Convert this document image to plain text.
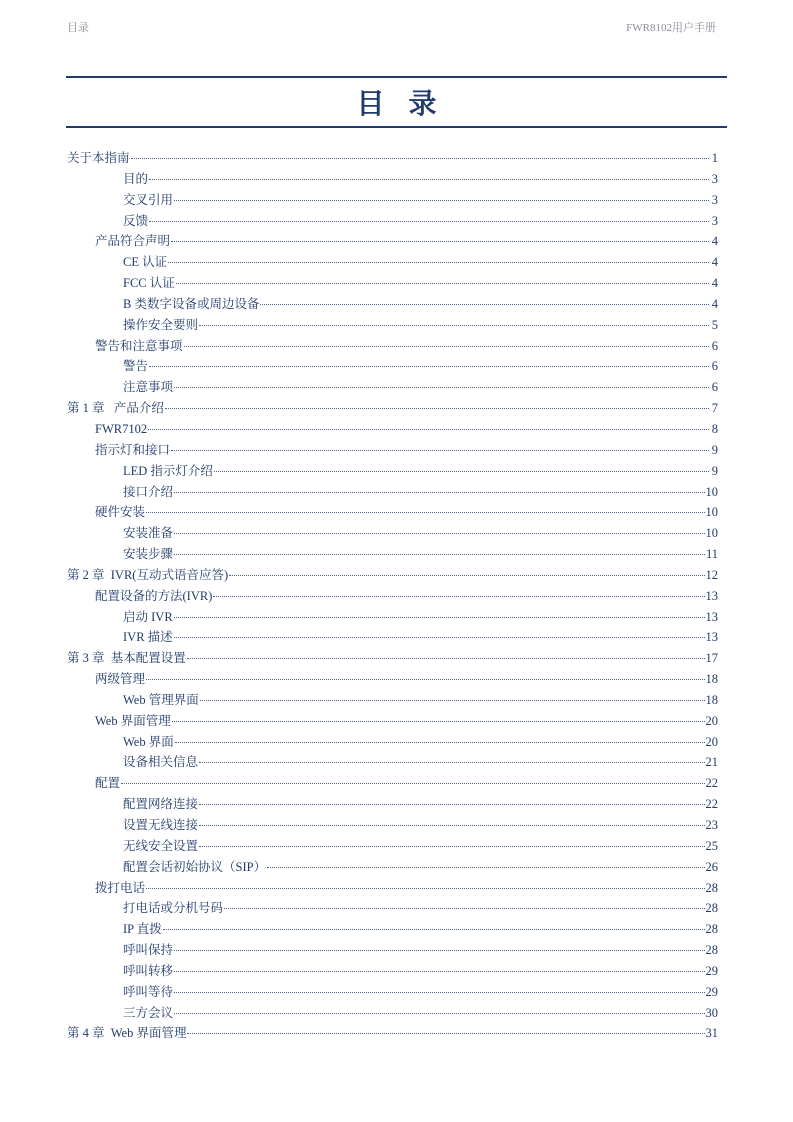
目录	FWR8102用户手册
目录
关于本指南	1
目的	3
交叉引用	3
反馈	3
产品符合声明	4
CE 认证	4
FCC 认证	4
B 类数字设备或周边设备	4
操作安全要则	5
警告和注意事项	6
警告	6
注意事项	6
第 1 章   产品介绍	7
FWR7102	8
指示灯和接口	9
LED 指示灯介绍	9
接口介绍	10
硬件安装	10
安装准备	10
安装步骤	11
第 2 章  IVR(互动式语音应答)	12
配置设备的方法(IVR)	13
启动 IVR	13
IVR 描述	13
第 3 章  基本配置设置	17
两级管理	18
Web 管理界面	18
Web 界面管理	20
Web 界面	20
设备相关信息	21
配置	22
配置网络连接	22
设置无线连接	23
无线安全设置	25
配置会话初始协议（SIP）	26
拨打电话	28
打电话或分机号码	28
IP 直拨	28
呼叫保持	28
呼叫转移	29
呼叫等待	29
三方会议	30
第 4 章  Web 界面管理	31
